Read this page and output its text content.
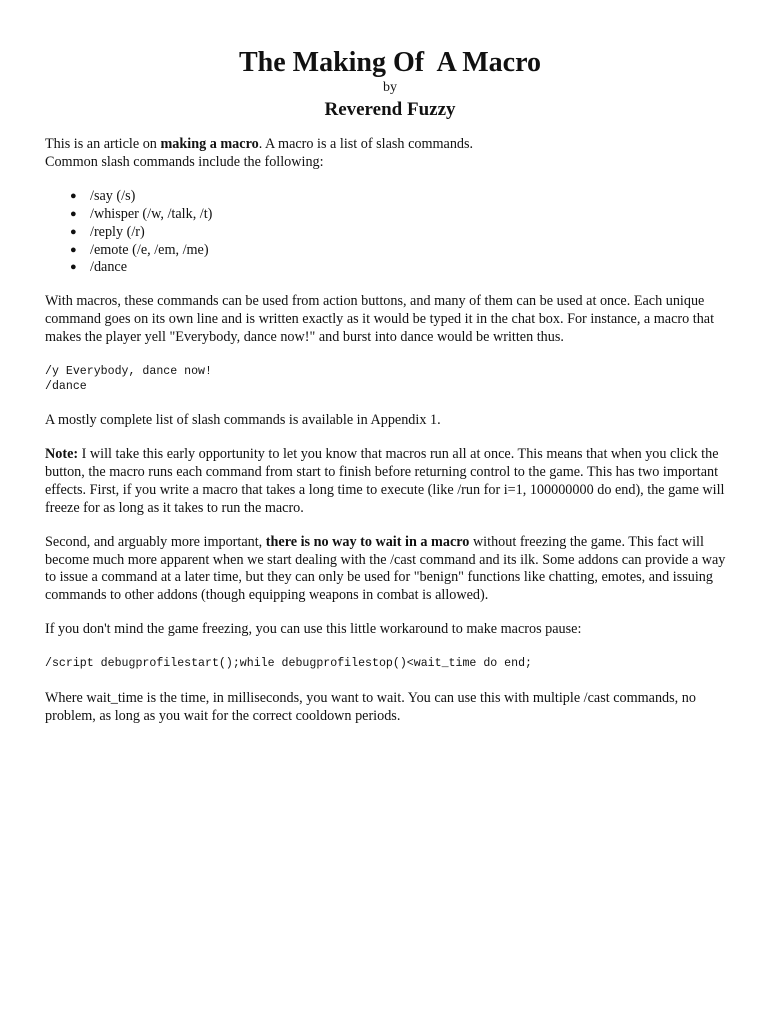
The Making Of  A Macro
by
Reverend Fuzzy

This is an article on making a macro. A macro is a list of slash commands.
Common slash commands include the following:

● /say (/s)
● /whisper (/w, /talk, /t)
● /reply (/r)
● /emote (/e, /em, /me)
● /dance

With macros, these commands can be used from action buttons, and many of them can be used at once. Each unique command goes on its own line and is written exactly as it would be typed it in the chat box. For instance, a macro that makes the player yell "Everybody, dance now!" and burst into dance would be written thus.

/y Everybody, dance now!
/dance

A mostly complete list of slash commands is available in Appendix 1.

Note: I will take this early opportunity to let you know that macros run all at once. This means that when you click the button, the macro runs each command from start to finish before returning control to the game. This has two important effects. First, if you write a macro that takes a long time to execute (like /run for i=1, 100000000 do end), the game will freeze for as long as it takes to run the macro.

Second, and arguably more important, there is no way to wait in a macro without freezing the game. This fact will become much more apparent when we start dealing with the /cast command and its ilk. Some addons can provide a way to issue a command at a later time, but they can only be used for "benign" functions like chatting, emotes, and issuing commands to other addons (though equipping weapons in combat is allowed).

If you don't mind the game freezing, you can use this little workaround to make macros pause:

/script debugprofilestart();while debugprofilestop()<wait_time do end;

Where wait_time is the time, in milliseconds, you want to wait. You can use this with multiple /cast commands, no problem, as long as you wait for the correct cooldown periods.
